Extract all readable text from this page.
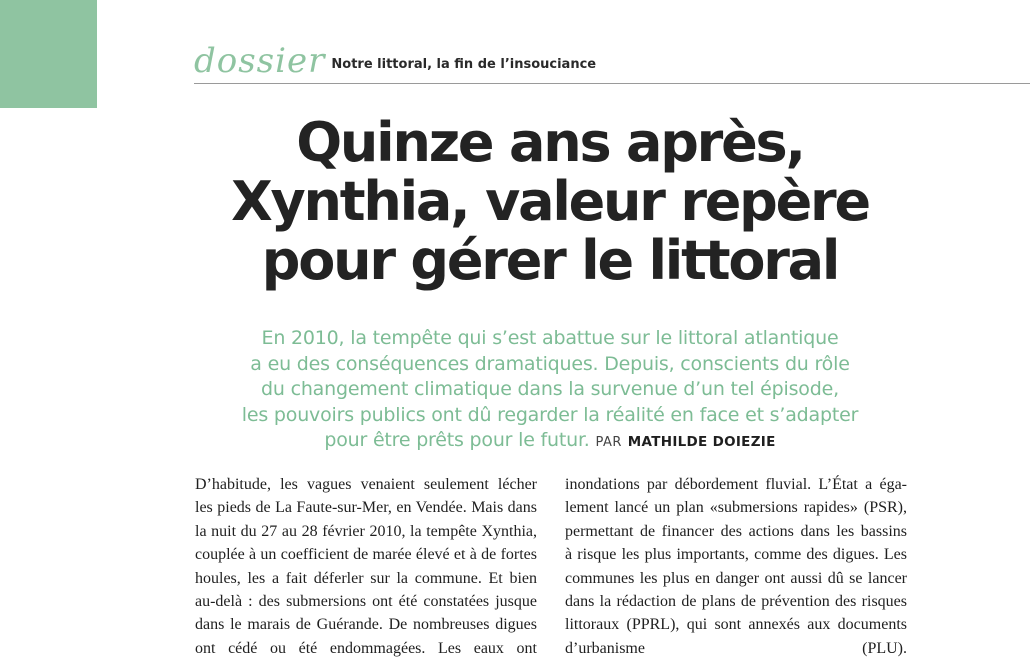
dossier Notre littoral, la fin de l’insouciance
Quinze ans après,
Xynthia, valeur repère
pour gérer le littoral
En 2010, la tempête qui s’est abattue sur le littoral atlantique
a eu des conséquences dramatiques. Depuis, conscients du rôle
du changement climatique dans la survenue d’un tel épisode,
les pouvoirs publics ont dû regarder la réalité en face et s’adapter
pour être prêts pour le futur. PAR MATHILDE DOIEZIE
D’habitude, les vagues venaient seulement lécher
les pieds de La Faute-sur-Mer, en Vendée. Mais dans
la nuit du 27 au 28 février 2010, la tempête Xynthia,
couplée à un coefficient de marée élevé et à de fortes
houles, les a fait déferler sur la commune. Et bien
au-delà : des submersions ont été constatées jusque
dans le marais de Guérande. De nombreuses digues
ont cédé ou été endommagées. Les eaux ont
inondations par débordement fluvial. L’État a éga-
lement lancé un plan «submersions rapides» (PSR),
permettant de financer des actions dans les bassins
à risque les plus importants, comme des digues. Les
communes les plus en danger ont aussi dû se lancer
dans la rédaction de plans de prévention des risques
littoraux (PPRL), qui sont annexés aux documents
d’urbanisme (PLU).
